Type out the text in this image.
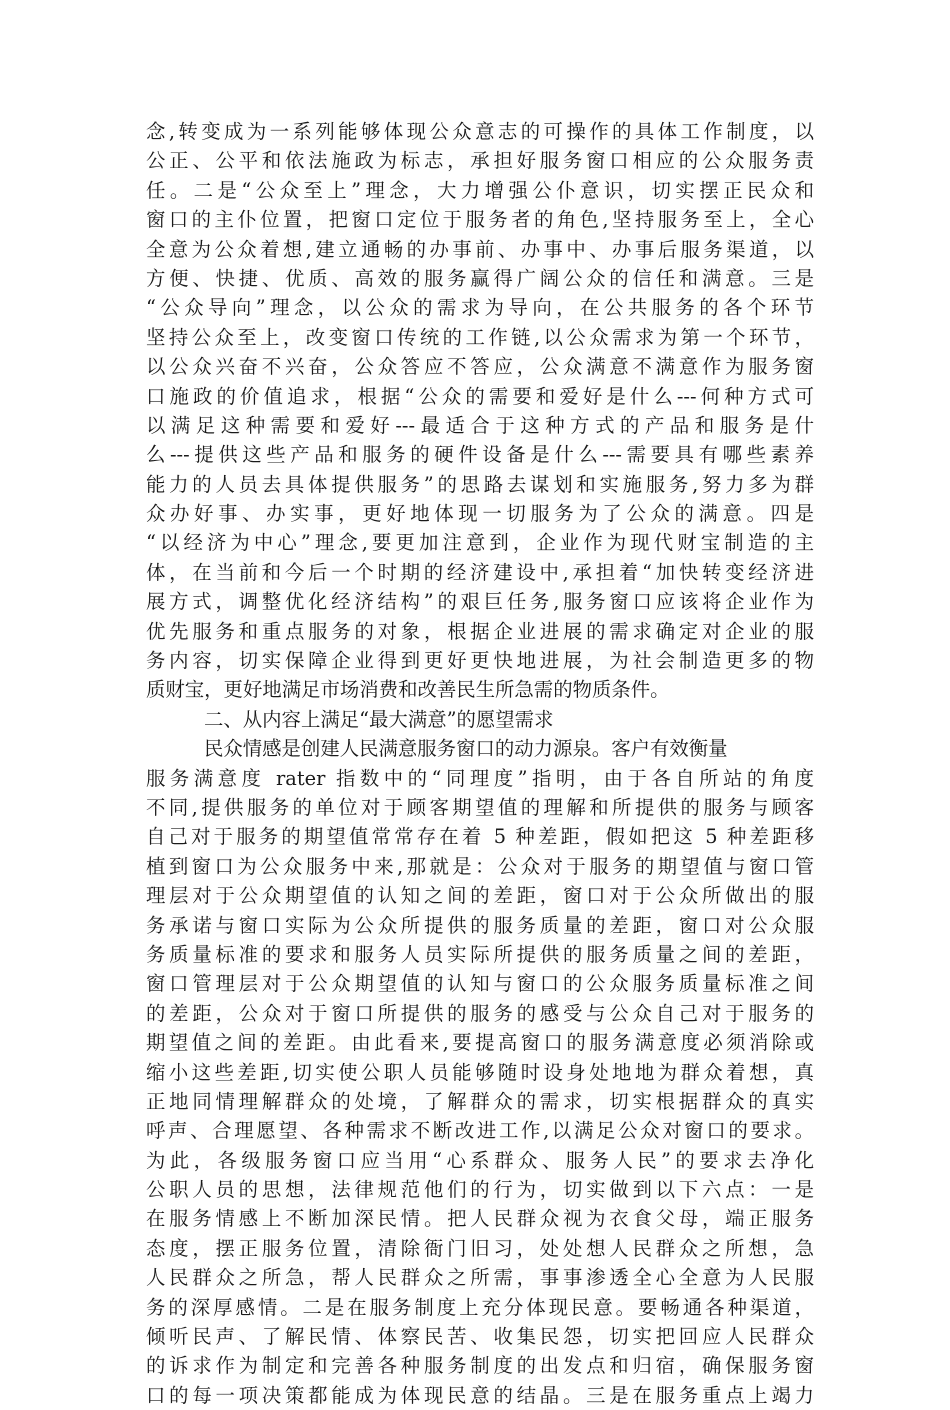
念,转变成为一系列能够体现公众意志的可操作的具体工作制度，以
公正、公平和依法施政为标志，承担好服务窗口相应的公众服务责
任。二是“公众至上”理念，大力增强公仆意识，切实摆正民众和
窗口的主仆位置，把窗口定位于服务者的角色,坚持服务至上，全心
全意为公众着想,建立通畅的办事前、办事中、办事后服务渠道，以
方便、快捷、优质、高效的服务赢得广阔公众的信任和满意。三是
“公众导向”理念，以公众的需求为导向，在公共服务的各个环节
坚持公众至上，改变窗口传统的工作链,以公众需求为第一个环节，
以公众兴奋不兴奋，公众答应不答应，公众满意不满意作为服务窗
口施政的价值追求，根据“公众的需要和爱好是什么---何种方式可
以满足这种需要和爱好---最适合于这种方式的产品和服务是什
么---提供这些产品和服务的硬件设备是什么---需要具有哪些素养
能力的人员去具体提供服务”的思路去谋划和实施服务,努力多为群
众办好事、办实事，更好地体现一切服务为了公众的满意。四是
“以经济为中心”理念,要更加注意到，企业作为现代财宝制造的主
体，在当前和今后一个时期的经济建设中,承担着“加快转变经济进
展方式，调整优化经济结构”的艰巨任务,服务窗口应该将企业作为
优先服务和重点服务的对象，根据企业进展的需求确定对企业的服
务内容，切实保障企业得到更好更快地进展，为社会制造更多的物
质财宝，更好地满足市场消费和改善民生所急需的物质条件。
二、从内容上满足“最大满意”的愿望需求
民众情感是创建人民满意服务窗口的动力源泉。客户有效衡量
服务满意度 rater 指数中的“同理度”指明，由于各自所站的角度
不同,提供服务的单位对于顾客期望值的理解和所提供的服务与顾客
自己对于服务的期望值常常存在着 5 种差距，假如把这 5 种差距移
植到窗口为公众服务中来,那就是：公众对于服务的期望值与窗口管
理层对于公众期望值的认知之间的差距，窗口对于公众所做出的服
务承诺与窗口实际为公众所提供的服务质量的差距，窗口对公众服
务质量标准的要求和服务人员实际所提供的服务质量之间的差距，
窗口管理层对于公众期望值的认知与窗口的公众服务质量标准之间
的差距，公众对于窗口所提供的服务的感受与公众自己对于服务的
期望值之间的差距。由此看来,要提高窗口的服务满意度必须消除或
缩小这些差距,切实使公职人员能够随时设身处地地为群众着想，真
正地同情理解群众的处境，了解群众的需求，切实根据群众的真实
呼声、合理愿望、各种需求不断改进工作,以满足公众对窗口的要求。
为此，各级服务窗口应当用“心系群众、服务人民”的要求去净化
公职人员的思想，法律规范他们的行为，切实做到以下六点：一是
在服务情感上不断加深民情。把人民群众视为衣食父母，端正服务
态度，摆正服务位置，清除衙门旧习，处处想人民群众之所想，急
人民群众之所急，帮人民群众之所需，事事渗透全心全意为人民服
务的深厚感情。二是在服务制度上充分体现民意。要畅通各种渠道，
倾听民声、了解民情、体察民苦、收集民怨，切实把回应人民群众
的诉求作为制定和完善各种服务制度的出发点和归宿，确保服务窗
口的每一项决策都能成为体现民意的结晶。三是在服务重点上竭力
